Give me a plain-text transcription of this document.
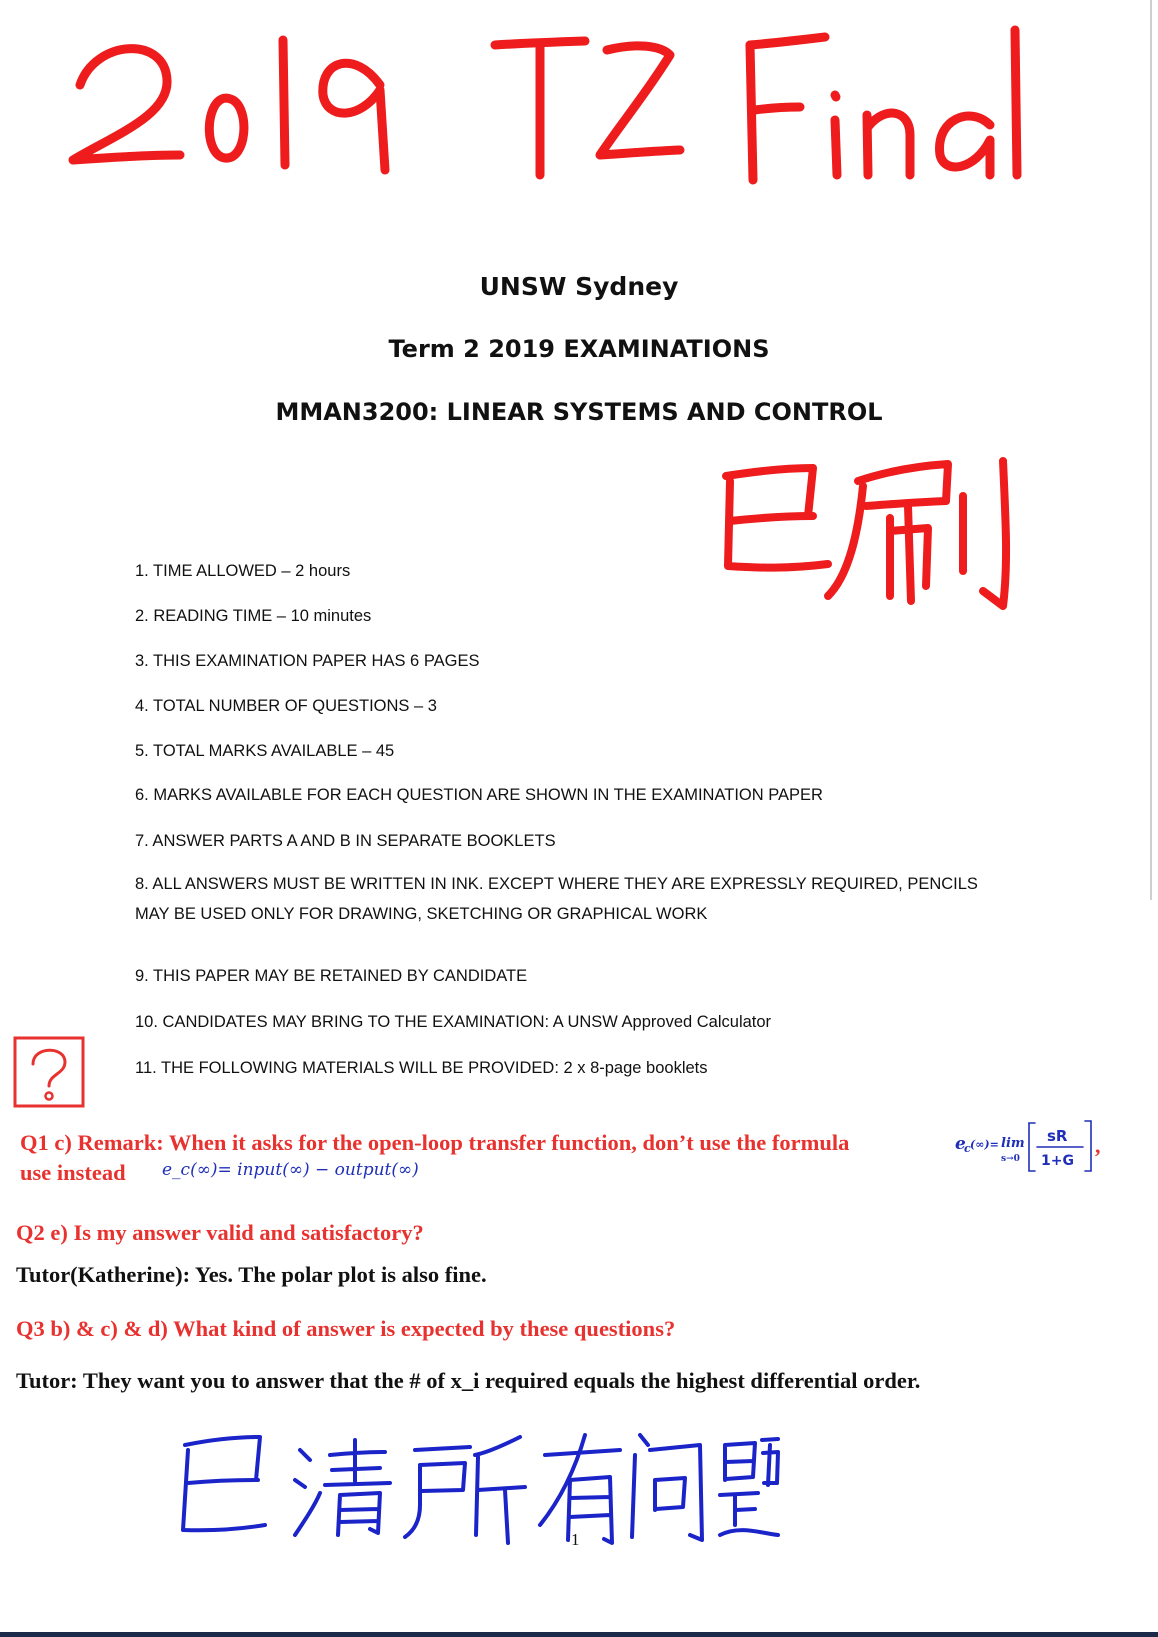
UNSW Sydney
Term 2 2019 EXAMINATIONS
MMAN3200: LINEAR SYSTEMS AND CONTROL
1. TIME ALLOWED – 2 hours
2. READING TIME – 10 minutes
3. THIS EXAMINATION PAPER HAS 6 PAGES
4. TOTAL NUMBER OF QUESTIONS – 3
5. TOTAL MARKS AVAILABLE – 45
6. MARKS AVAILABLE FOR EACH QUESTION ARE SHOWN IN THE EXAMINATION PAPER
7. ANSWER PARTS A AND B IN SEPARATE BOOKLETS
8. ALL ANSWERS MUST BE WRITTEN IN INK. EXCEPT WHERE THEY ARE EXPRESSLY REQUIRED, PENCILS MAY BE USED ONLY FOR DRAWING, SKETCHING OR GRAPHICAL WORK
9. THIS PAPER MAY BE RETAINED BY CANDIDATE
10. CANDIDATES MAY BRING TO THE EXAMINATION: A UNSW Approved Calculator
11. THE FOLLOWING MATERIALS WILL BE PROVIDED: 2 x 8-page booklets
Q1 c) Remark: When it asks for the open-loop transfer function, don’t use the formula	e
c (∞)= lim
s→0
sR
1+G
,
use instead e_c(∞)= input(∞) − output(∞)
Q2 e) Is my answer valid and satisfactory?
Tutor(Katherine): Yes. The polar plot is also fine.
Q3 b) & c) & d) What kind of answer is expected by these questions?
Tutor: They want you to answer that the # of x_i required equals the highest differential order.
1
